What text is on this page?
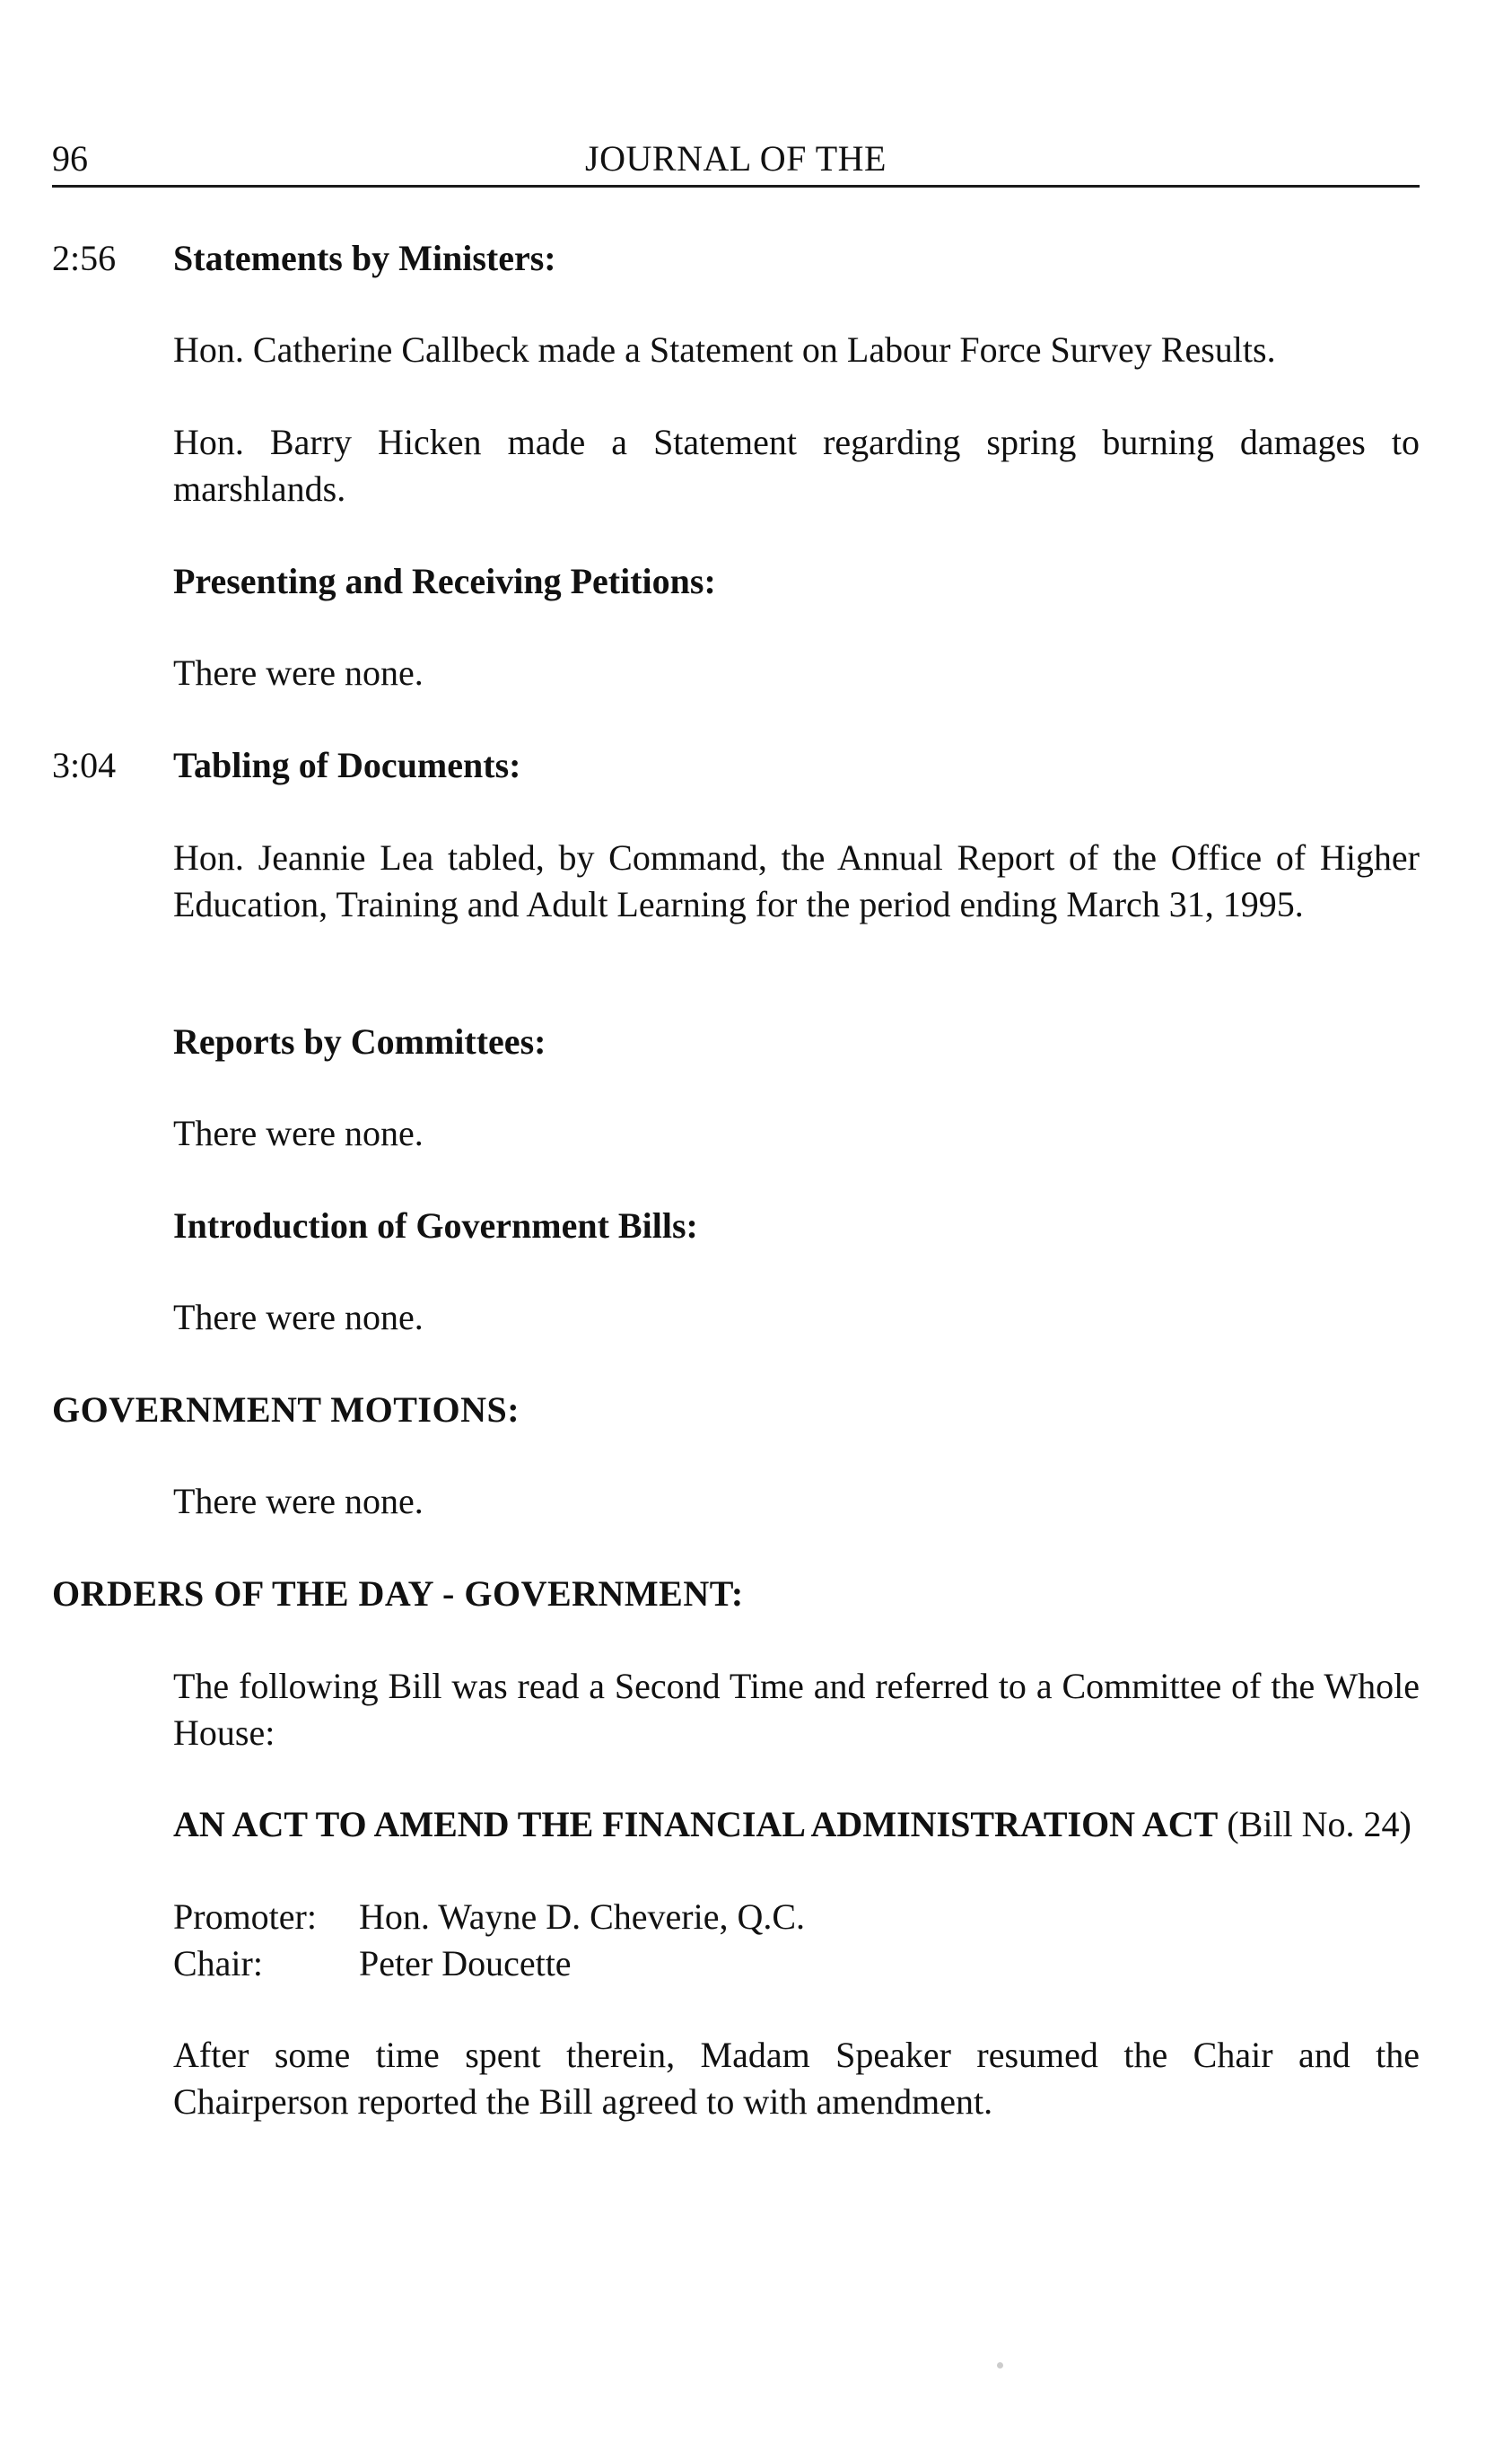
96	JOURNAL OF THE
2:56 Statements by Ministers:
Hon. Catherine Callbeck made a Statement on Labour Force Survey Results.
Hon. Barry Hicken made a Statement regarding spring burning damages to marshlands.
Presenting and Receiving Petitions:
There were none.
3:04 Tabling of Documents:
Hon. Jeannie Lea tabled, by Command, the Annual Report of the Office of Higher Education, Training and Adult Learning for the period ending March 31, 1995.
Reports by Committees:
There were none.
Introduction of Government Bills:
There were none.
GOVERNMENT MOTIONS:
There were none.
ORDERS OF THE DAY - GOVERNMENT:
The following Bill was read a Second Time and referred to a Committee of the Whole House:
AN ACT TO AMEND THE FINANCIAL ADMINISTRATION ACT (Bill No. 24)
Promoter: Hon. Wayne D. Cheverie, Q.C.
Chair:	Peter Doucette
After some time spent therein, Madam Speaker resumed the Chair and the Chairperson reported the Bill agreed to with amendment.
